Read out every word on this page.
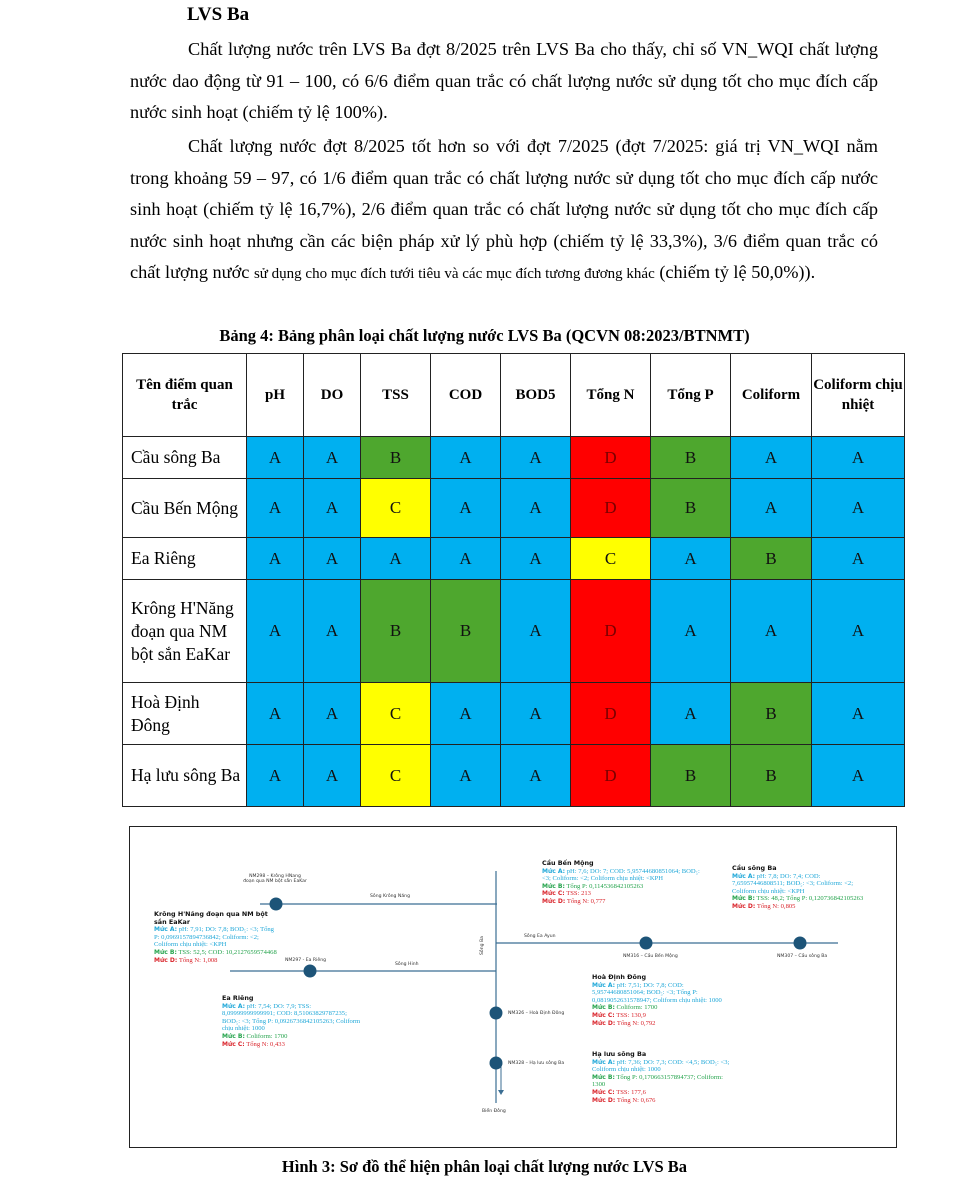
LVS Ba
Chất lượng nước trên LVS Ba đợt 8/2025 trên LVS Ba cho thấy, chỉ số VN_WQI chất lượng nước dao động từ 91 – 100, có 6/6 điểm quan trắc có chất lượng nước sử dụng tốt cho mục đích cấp nước sinh hoạt (chiếm tỷ lệ 100%).
Chất lượng nước đợt 8/2025 tốt hơn so với đợt 7/2025 (đợt 7/2025: giá trị VN_WQI nằm trong khoảng 59 – 97, có 1/6 điểm quan trắc có chất lượng nước sử dụng tốt cho mục đích cấp nước sinh hoạt (chiếm tỷ lệ 16,7%), 2/6 điểm quan trắc có chất lượng nước sử dụng tốt cho mục đích cấp nước sinh hoạt nhưng cần các biện pháp xử lý phù hợp (chiếm tỷ lệ 33,3%), 3/6 điểm quan trắc có chất lượng nước sử dụng cho mục đích tưới tiêu và các mục đích tương đương khác (chiếm tỷ lệ 50,0%)).
Bảng 4: Bảng phân loại chất lượng nước LVS Ba (QCVN 08:2023/BTNMT)
Tên điểm quan trắc	pH	DO	TSS	COD	BOD5	Tổng N	Tổng P	Coliform	Coliform chịu nhiệt
Cầu sông Ba	A	A	B	A	A	D	B	A	A
Cầu Bến Mộng	A	A	C	A	A	D	B	A	A
Ea Riêng	A	A	A	A	A	C	A	B	A
Krông H'Năng đoạn qua NM bột sắn EaKar	A	A	B	B	A	D	A	A	A
Hoà Định Đông	A	A	C	A	A	D	A	B	A
Hạ lưu sông Ba	A	A	C	A	A	D	B	B	A
Sông Krông Năng
Sông Ea Ayun
Sông Hinh
Sông Ba
Biển Đông
NM298 – Krông HNang
đoạn qua NM bột sắn EaKar
NM297 - Ea Riêng
NM316 – Cầu Bến Mộng	NM307 – Cầu sông Ba
NM326 – Hoà Định Đông
NM328 – Hạ lưu sông Ba
Krông H'Năng đoạn qua NM bột sắn EaKar
Mức A: pH: 7,91; DO: 7,8; BOD₅: <3; Tổng P: 0,0969157894736842; Coliform: <2; Coliform chịu nhiệt: <KPH
Mức B: TSS: 52,5; COD: 10,2127659574468
Mức D: Tổng N: 1,008
Ea Riêng
Mức A: pH: 7,54; DO: 7,9; TSS: 8,09999999999991; COD: 8,51063829787235; BOD₅: <3; Tổng P: 0,0926736842105263; Coliform chịu nhiệt: 1000
Mức B: Coliform: 1700
Mức C: Tổng N: 0,433
Cầu Bến Mộng
Mức A: pH: 7,6; DO: 7; COD: 5,95744680851064; BOD₅: <3; Coliform: <2; Coliform chịu nhiệt: <KPH
Mức B: Tổng P: 0,114536842105263
Mức C: TSS: 213
Mức D: Tổng N: 0,777
Cầu sông Ba
Mức A: pH: 7,8; DO: 7,4; COD: 7,65957446808511; BOD₅: <3; Coliform: <2; Coliform chịu nhiệt: <KPH
Mức B: TSS: 48,2; Tổng P: 0,120736842105263
Mức D: Tổng N: 0,805
Hoà Định Đông
Mức A: pH: 7,51; DO: 7,8; COD: 5,95744680851064; BOD₅: <3; Tổng P: 0,0819052631578947; Coliform chịu nhiệt: 1000
Mức B: Coliform: 1700
Mức C: TSS: 130,9
Mức D: Tổng N: 0,792
Hạ lưu sông Ba
Mức A: pH: 7,36; DO: 7,3; COD: <4,5; BOD₅: <3; Coliform chịu nhiệt: 1000
Mức B: Tổng P: 0,170663157894737; Coliform: 1300
Mức C: TSS: 177,6
Mức D: Tổng N: 0,676
Hình 3: Sơ đồ thể hiện phân loại chất lượng nước LVS Ba
